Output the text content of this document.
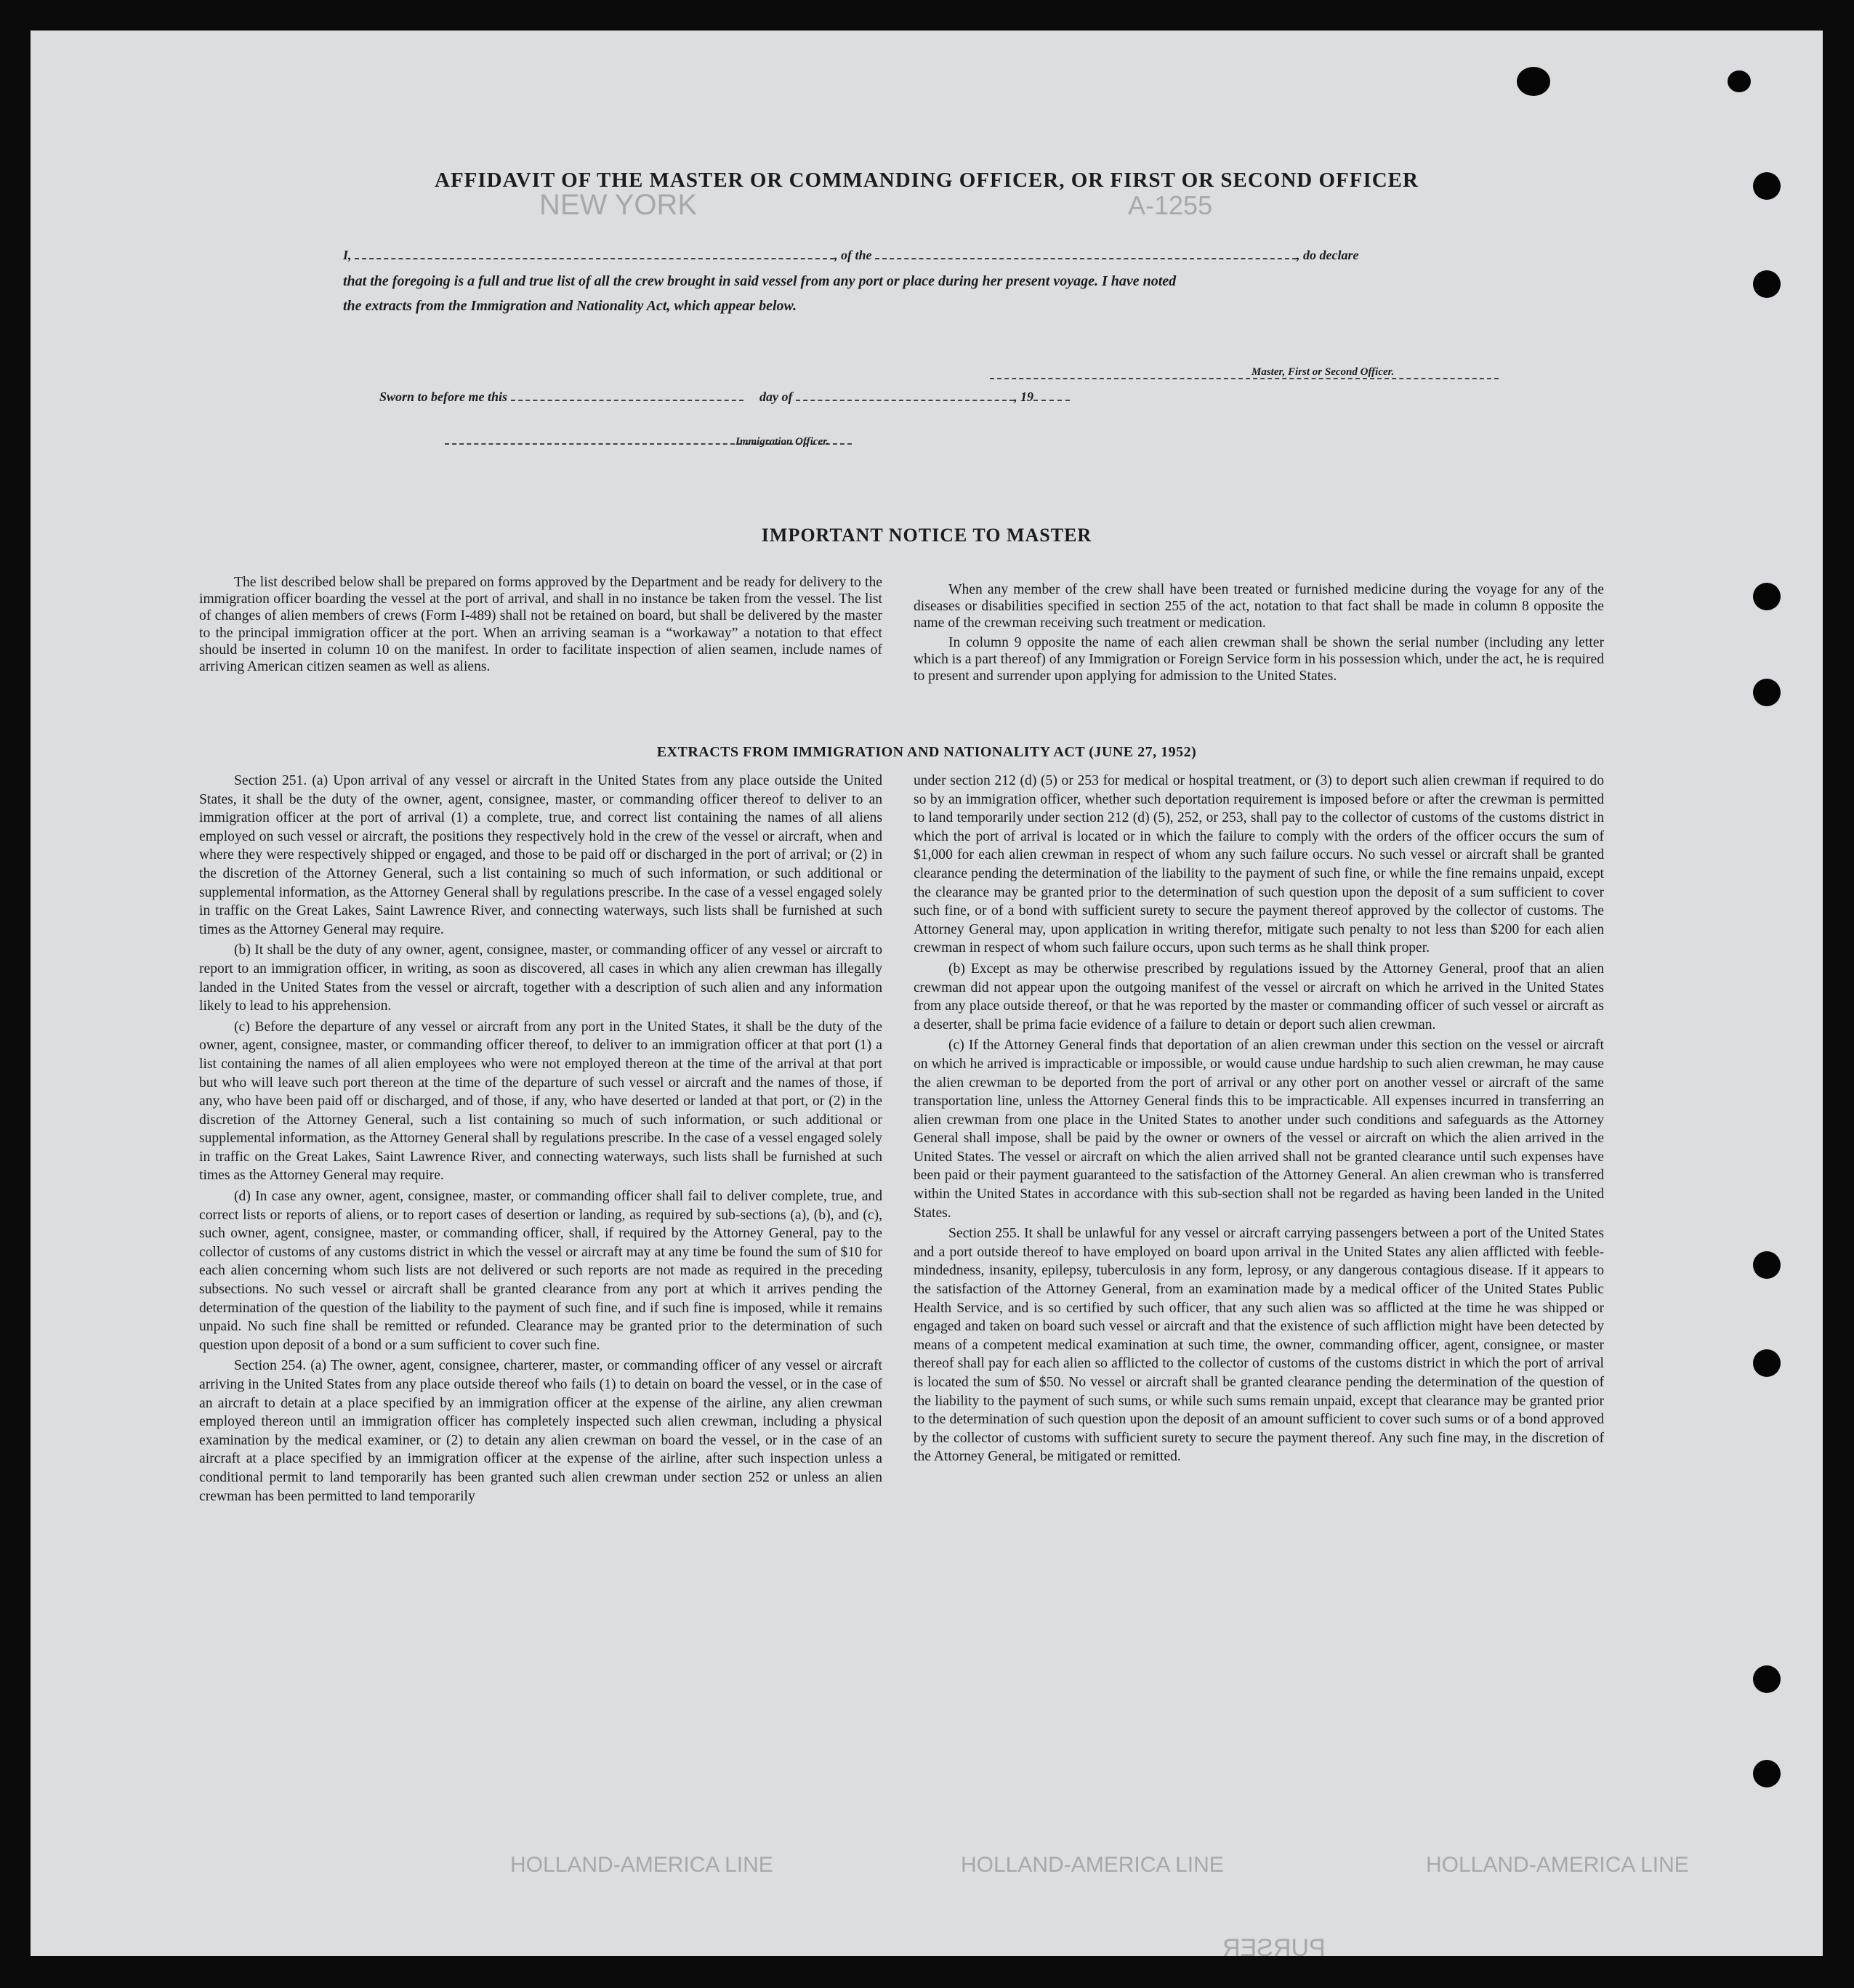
NEW YORK	A-1255
HOLLAND-AMERICA LINE
HOLLAND-AMERICA LINE
HOLLAND-AMERICA LINE
PURSER
AFFIDAVIT OF THE MASTER OR COMMANDING OFFICER, OR FIRST OR SECOND OFFICER
I,	, of the	, do declare
that the foregoing is a full and true list of all the crew brought in said vessel from any port or place during her present voyage. I have noted
the extracts from the Immigration and Nationality Act, which appear below.
Master, First or Second Officer.
Sworn to before me this	day of	, 19
Immigration Officer.
IMPORTANT NOTICE TO MASTER

The list described below shall be prepared on forms approved by the Department and be ready for delivery to the immigration officer boarding the vessel at the port of arrival, and shall in no instance be taken from the vessel. The list of changes of alien members of crews (Form I-489) shall not be retained on board, but shall be delivered by the master to the principal immigration officer at the port. When an arriving seaman is a “workaway” a notation to that effect should be inserted in column 10 on the manifest. In order to facilitate inspection of alien seamen, include names of arriving American citizen seamen as well as aliens.

When any member of the crew shall have been treated or furnished medicine during the voyage for any of the diseases or disabilities specified in section 255 of the act, notation to that fact shall be made in column 8 opposite the name of the crewman receiving such treatment or medication.

In column 9 opposite the name of each alien crewman shall be shown the serial number (including any letter which is a part thereof) of any Immigration or Foreign Service form in his possession which, under the act, he is required to present and surrender upon applying for admission to the United States.

EXTRACTS FROM IMMIGRATION AND NATIONALITY ACT (JUNE 27, 1952)

Section 251. (a) Upon arrival of any vessel or aircraft in the United States from any place outside the United States, it shall be the duty of the owner, agent, consignee, master, or commanding officer thereof to deliver to an immigration officer at the port of arrival (1) a complete, true, and correct list containing the names of all aliens employed on such vessel or aircraft, the positions they respectively hold in the crew of the vessel or aircraft, when and where they were respectively shipped or engaged, and those to be paid off or discharged in the port of arrival; or (2) in the discretion of the Attorney General, such a list containing so much of such information, or such additional or supplemental information, as the Attorney General shall by regulations prescribe. In the case of a vessel engaged solely in traffic on the Great Lakes, Saint Lawrence River, and connecting waterways, such lists shall be furnished at such times as the Attorney General may require.

(b) It shall be the duty of any owner, agent, consignee, master, or commanding officer of any vessel or aircraft to report to an immigration officer, in writing, as soon as discovered, all cases in which any alien crewman has illegally landed in the United States from the vessel or aircraft, together with a description of such alien and any information likely to lead to his apprehension.

(c) Before the departure of any vessel or aircraft from any port in the United States, it shall be the duty of the owner, agent, consignee, master, or commanding officer thereof, to deliver to an immigration officer at that port (1) a list containing the names of all alien employees who were not employed thereon at the time of the arrival at that port but who will leave such port thereon at the time of the departure of such vessel or aircraft and the names of those, if any, who have been paid off or discharged, and of those, if any, who have deserted or landed at that port, or (2) in the discretion of the Attorney General, such a list containing so much of such information, or such additional or supplemental information, as the Attorney General shall by regulations prescribe. In the case of a vessel engaged solely in traffic on the Great Lakes, Saint Lawrence River, and connecting waterways, such lists shall be furnished at such times as the Attorney General may require.

(d) In case any owner, agent, consignee, master, or commanding officer shall fail to deliver complete, true, and correct lists or reports of aliens, or to report cases of desertion or landing, as required by sub-sections (a), (b), and (c), such owner, agent, consignee, master, or commanding officer, shall, if required by the Attorney General, pay to the collector of customs of any customs district in which the vessel or aircraft may at any time be found the sum of $10 for each alien concerning whom such lists are not delivered or such reports are not made as required in the preceding subsections. No such vessel or aircraft shall be granted clearance from any port at which it arrives pending the determination of the question of the liability to the payment of such fine, and if such fine is imposed, while it remains unpaid. No such fine shall be remitted or refunded. Clearance may be granted prior to the determination of such question upon deposit of a bond or a sum sufficient to cover such fine.

Section 254. (a) The owner, agent, consignee, charterer, master, or commanding officer of any vessel or aircraft arriving in the United States from any place outside thereof who fails (1) to detain on board the vessel, or in the case of an aircraft to detain at a place specified by an immigration officer at the expense of the airline, any alien crewman employed thereon until an immigration officer has completely inspected such alien crewman, including a physical examination by the medical examiner, or (2) to detain any alien crewman on board the vessel, or in the case of an aircraft at a place specified by an immigration officer at the expense of the airline, after such inspection unless a conditional permit to land temporarily has been granted such alien crewman under section 252 or unless an alien crewman has been permitted to land temporarily

under section 212 (d) (5) or 253 for medical or hospital treatment, or (3) to deport such alien crewman if required to do so by an immigration officer, whether such deportation requirement is imposed before or after the crewman is permitted to land temporarily under section 212 (d) (5), 252, or 253, shall pay to the collector of customs of the customs district in which the port of arrival is located or in which the failure to comply with the orders of the officer occurs the sum of $1,000 for each alien crewman in respect of whom any such failure occurs. No such vessel or aircraft shall be granted clearance pending the determination of the liability to the payment of such fine, or while the fine remains unpaid, except the clearance may be granted prior to the determination of such question upon the deposit of a sum sufficient to cover such fine, or of a bond with sufficient surety to secure the payment thereof approved by the collector of customs. The Attorney General may, upon application in writing therefor, mitigate such penalty to not less than $200 for each alien crewman in respect of whom such failure occurs, upon such terms as he shall think proper.

(b) Except as may be otherwise prescribed by regulations issued by the Attorney General, proof that an alien crewman did not appear upon the outgoing manifest of the vessel or aircraft on which he arrived in the United States from any place outside thereof, or that he was reported by the master or commanding officer of such vessel or aircraft as a deserter, shall be prima facie evidence of a failure to detain or deport such alien crewman.

(c) If the Attorney General finds that deportation of an alien crewman under this section on the vessel or aircraft on which he arrived is impracticable or impossible, or would cause undue hardship to such alien crewman, he may cause the alien crewman to be deported from the port of arrival or any other port on another vessel or aircraft of the same transportation line, unless the Attorney General finds this to be impracticable. All expenses incurred in transferring an alien crewman from one place in the United States to another under such conditions and safeguards as the Attorney General shall impose, shall be paid by the owner or owners of the vessel or aircraft on which the alien arrived in the United States. The vessel or aircraft on which the alien arrived shall not be granted clearance until such expenses have been paid or their payment guaranteed to the satisfaction of the Attorney General. An alien crewman who is transferred within the United States in accordance with this sub-section shall not be regarded as having been landed in the United States.

Section 255. It shall be unlawful for any vessel or aircraft carrying passengers between a port of the United States and a port outside thereof to have employed on board upon arrival in the United States any alien afflicted with feeble-mindedness, insanity, epilepsy, tuberculosis in any form, leprosy, or any dangerous contagious disease. If it appears to the satisfaction of the Attorney General, from an examination made by a medical officer of the United States Public Health Service, and is so certified by such officer, that any such alien was so afflicted at the time he was shipped or engaged and taken on board such vessel or aircraft and that the existence of such affliction might have been detected by means of a competent medical examination at such time, the owner, commanding officer, agent, consignee, or master thereof shall pay for each alien so afflicted to the collector of customs of the customs district in which the port of arrival is located the sum of $50. No vessel or aircraft shall be granted clearance pending the determination of the question of the liability to the payment of such sums, or while such sums remain unpaid, except that clearance may be granted prior to the determination of such question upon the deposit of an amount sufficient to cover such sums or of a bond approved by the collector of customs with sufficient surety to secure the payment thereof. Any such fine may, in the discretion of the Attorney General, be mitigated or remitted.
